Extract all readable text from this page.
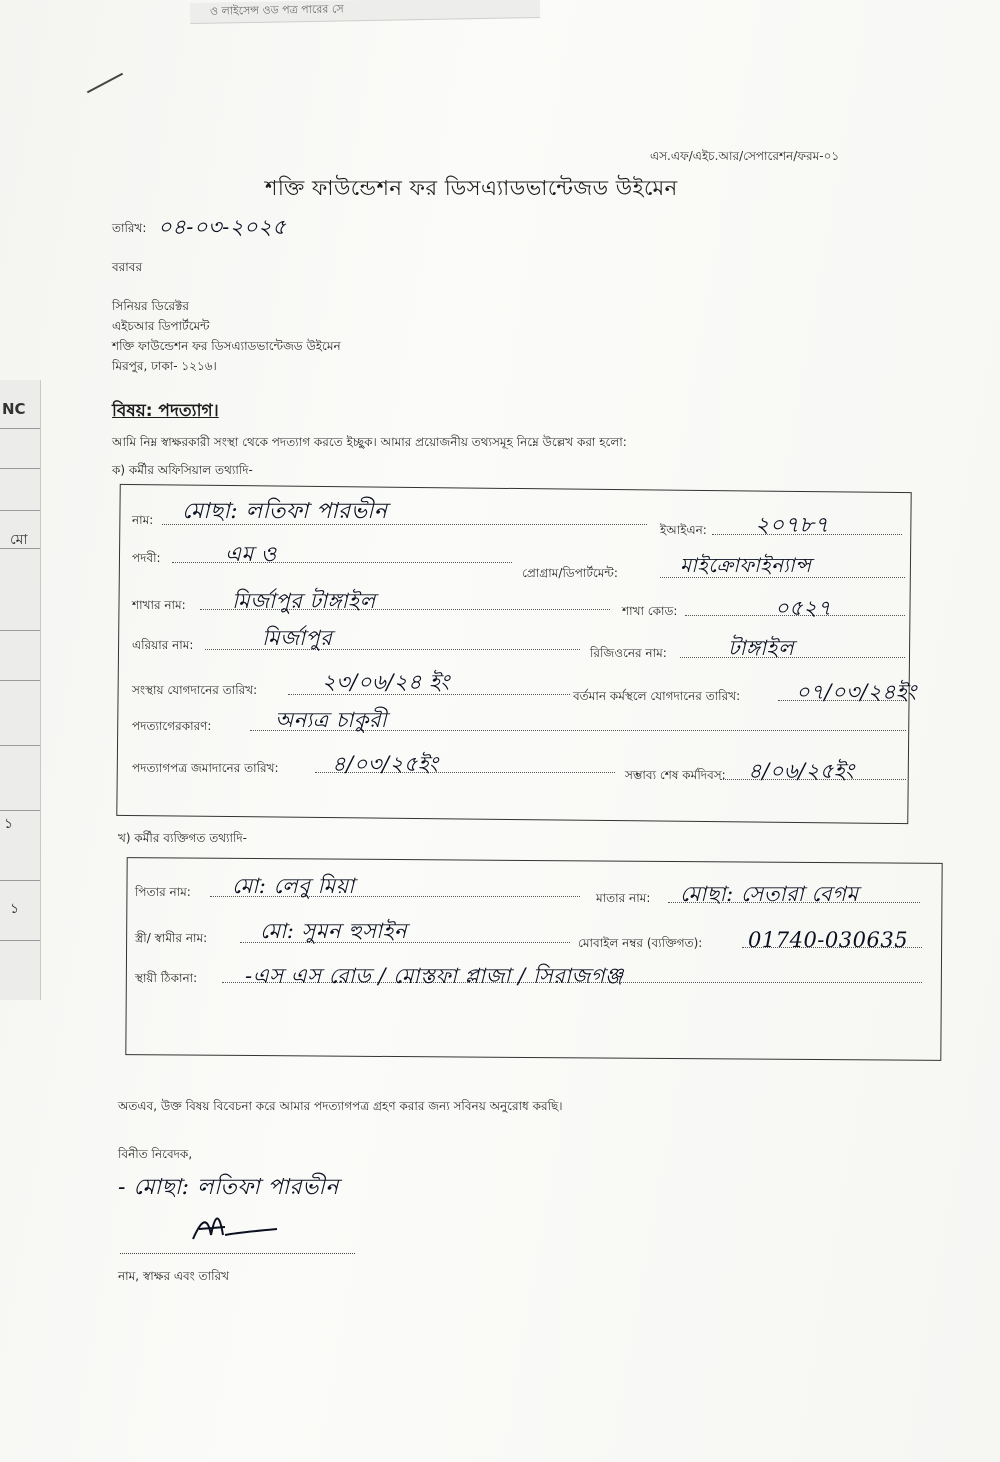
NC
মো
১
১
ও লাইসেন্স ওড পত্র পারের সে
এস.এফ/এইচ.আর/সেপারেশন/ফরম-০১
শক্তি ফাউন্ডেশন ফর ডিসএ্যাডভান্টেজড উইমেন
তারিখ: ০৪-০৩-২০২৫
বরাবর
সিনিয়র ডিরেক্টর
এইচআর ডিপার্টমেন্ট
শক্তি ফাউন্ডেশন ফর ডিসএ্যাডভান্টেজড উইমেন
মিরপুর, ঢাকা- ১২১৬।
বিষয়: পদত্যাগ।
আমি নিম্ন স্বাক্ষরকারী সংস্থা থেকে পদত্যাগ করতে ইচ্ছুক। আমার প্রয়োজনীয় তথ্যসমূহ নিম্নে উল্লেখ করা হলো:
ক) কর্মীর অফিসিয়াল তথ্যাদি-
নাম: মোছা: লতিফা পারভীন
ইআইএন: ২০৭৮৭
পদবী:	এম ও
প্রোগ্রাম/ডিপার্টমেন্ট:	মাইক্রোফাইন্যান্স
শাখার নাম: মির্জাপুর টাঙ্গাইল	শাখা কোড:	০৫২৭
এরিয়ার নাম:	মির্জাপুর
রিজিওনের নাম:	টাঙ্গাইল
সংস্থায় যোগদানের তারিখ:	২৩/০৬/২৪ ইং
বর্তমান কর্মস্থলে যোগদানের তারিখ:	০৭/০৩/২৪ইং
পদত্যাগেরকারণ:	অন্যত্র চাকুরী
পদত্যাগপত্র জমাদানের তারিখ:	৪/০৩/২৫ইং	সম্ভাব্য শেষ কর্মদিবস: ৪/০৬/২৫ইং
খ) কর্মীর ব্যক্তিগত তথ্যাদি-
পিতার নাম: মো: লেবু মিয়া	মাতার নাম: মোছা: সেতারা বেগম
স্ত্রী/ স্বামীর নাম:	মো: সুমন হুসাইন	মোবাইল নম্বর (ব্যক্তিগত): 01740-030635
স্থায়ী ঠিকানা: -এস এস রোড / মোস্তফা প্লাজা / সিরাজগঞ্জ
অতএব, উক্ত বিষয় বিবেচনা করে আমার পদত্যাগপত্র গ্রহণ করার জন্য সবিনয় অনুরোধ করছি।
বিনীত নিবেদক,
- মোছা: লতিফা পারভীন
নাম, স্বাক্ষর এবং তারিখ
